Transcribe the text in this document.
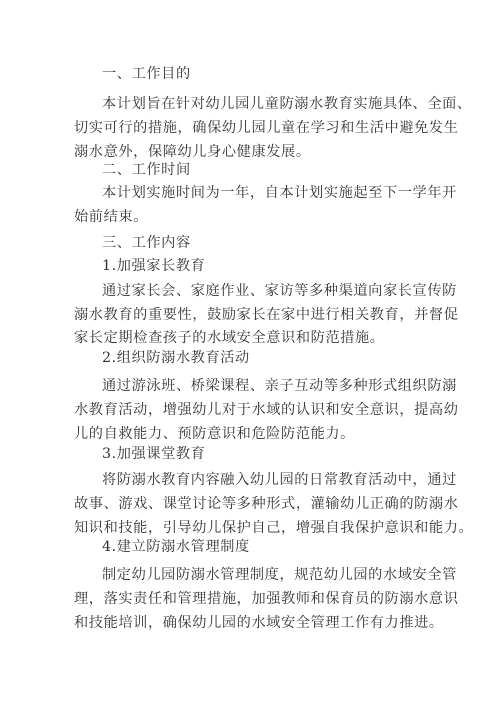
一、工作目的
本计划旨在针对幼儿园儿童防溺水教育实施具体、全面、
切实可行的措施，确保幼儿园儿童在学习和生活中避免发生
溺水意外，保障幼儿身心健康发展。
二、工作时间
本计划实施时间为一年，自本计划实施起至下一学年开
始前结束。
三、工作内容
1.加强家长教育
通过家长会、家庭作业、家访等多种渠道向家长宣传防
溺水教育的重要性，鼓励家长在家中进行相关教育，并督促
家长定期检查孩子的水域安全意识和防范措施。
2.组织防溺水教育活动
通过游泳班、桥梁课程、亲子互动等多种形式组织防溺
水教育活动，增强幼儿对于水域的认识和安全意识，提高幼
儿的自救能力、预防意识和危险防范能力。
3.加强课堂教育
将防溺水教育内容融入幼儿园的日常教育活动中，通过
故事、游戏、课堂讨论等多种形式，灌输幼儿正确的防溺水
知识和技能，引导幼儿保护自己，增强自我保护意识和能力。
4.建立防溺水管理制度
制定幼儿园防溺水管理制度，规范幼儿园的水域安全管
理，落实责任和管理措施，加强教师和保育员的防溺水意识
和技能培训，确保幼儿园的水域安全管理工作有力推进。
